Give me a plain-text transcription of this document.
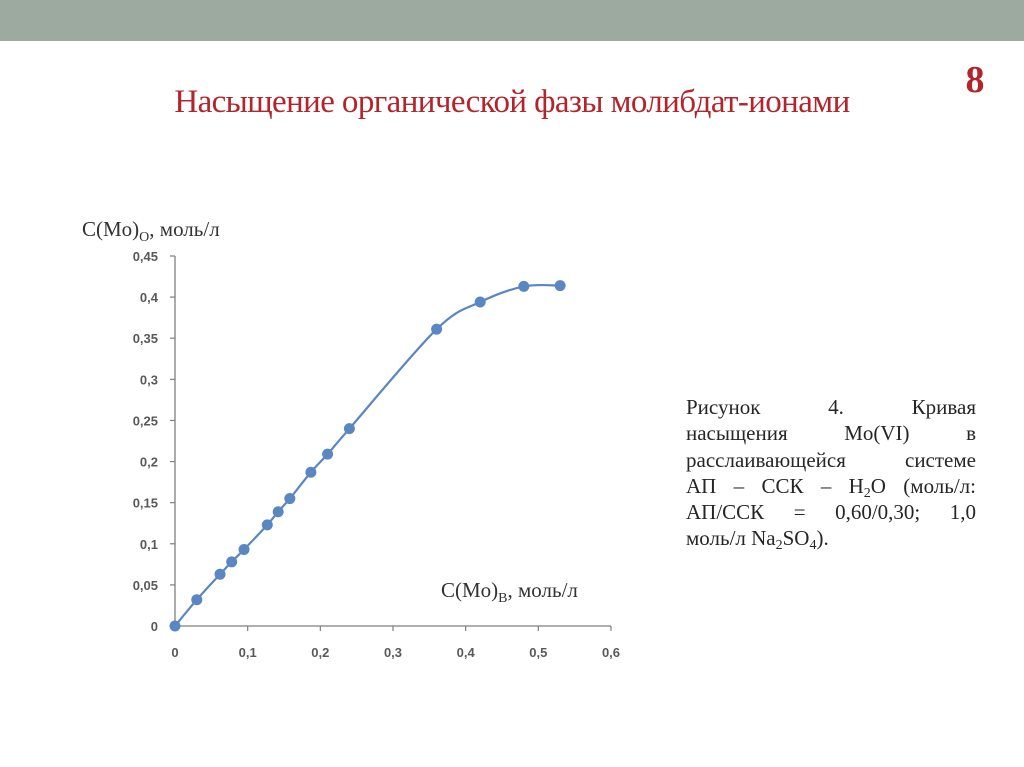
8
Насыщение органической фазы молибдат-ионами
0	0,1	0,2	0,3	0,4	0,5	0,6
0
0,05
0,1
0,15
0,2
0,25
0,3
0,35
0,4
0,45
$C(Mo)_O$, моль/л
$C(Mo)_B$, моль/л
Рисунок	4.	Кривая
насыщения	Mo(VI)	в
расслаивающейся	системе
АП – ССК – $H_2O$ (моль/л:
АП/ССК = 0,60/0,30; 1,0
моль/л $Na_2SO_4$).
